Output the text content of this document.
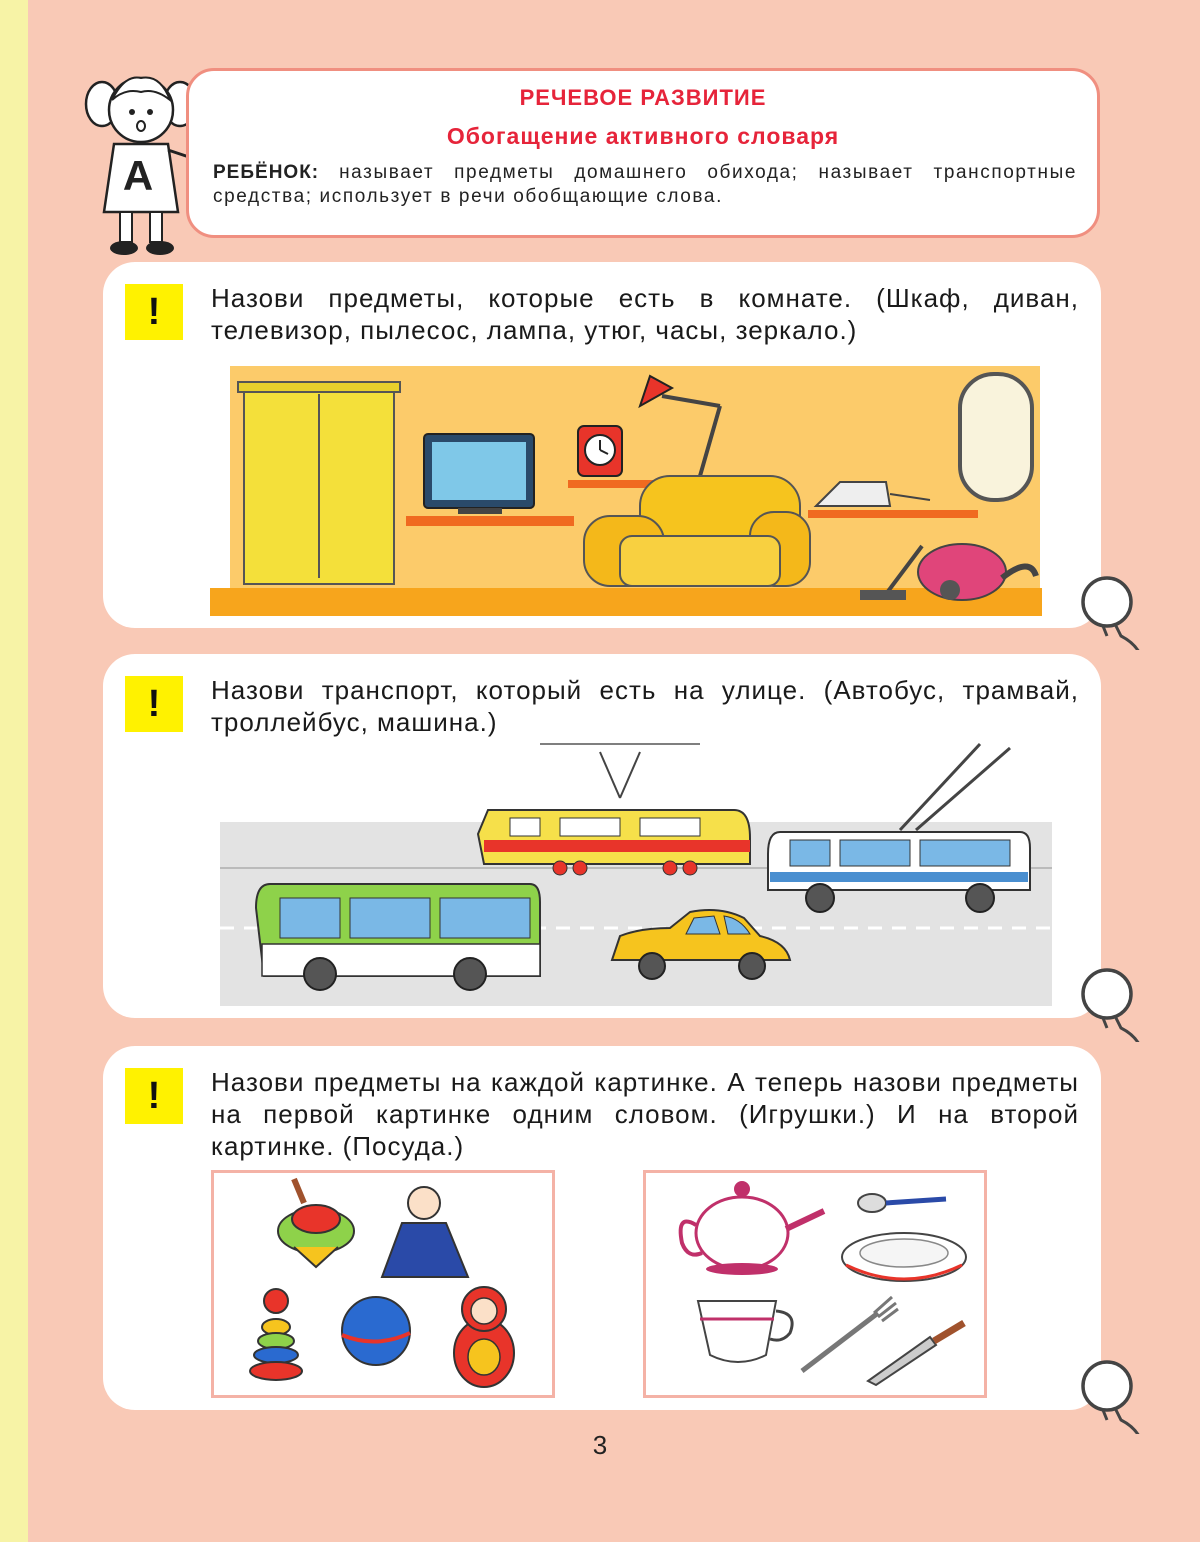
А
РЕЧЕВОЕ РАЗВИТИЕ
Обогащение активного словаря
РЕБЁНОК: называет предметы домашнего обихода; называет транспортные средства; использует в речи обобщающие слова.
!	Назови предметы, которые есть в комнате. (Шкаф, диван, телевизор, пылесос, лампа, утюг, часы, зеркало.)
!	Назови транспорт, который есть на улице. (Автобус, трамвай, троллейбус, машина.)
!	Назови предметы на каждой картинке. А теперь назови предметы на первой картинке одним словом. (Игрушки.) И на второй картинке. (Посуда.)
3
